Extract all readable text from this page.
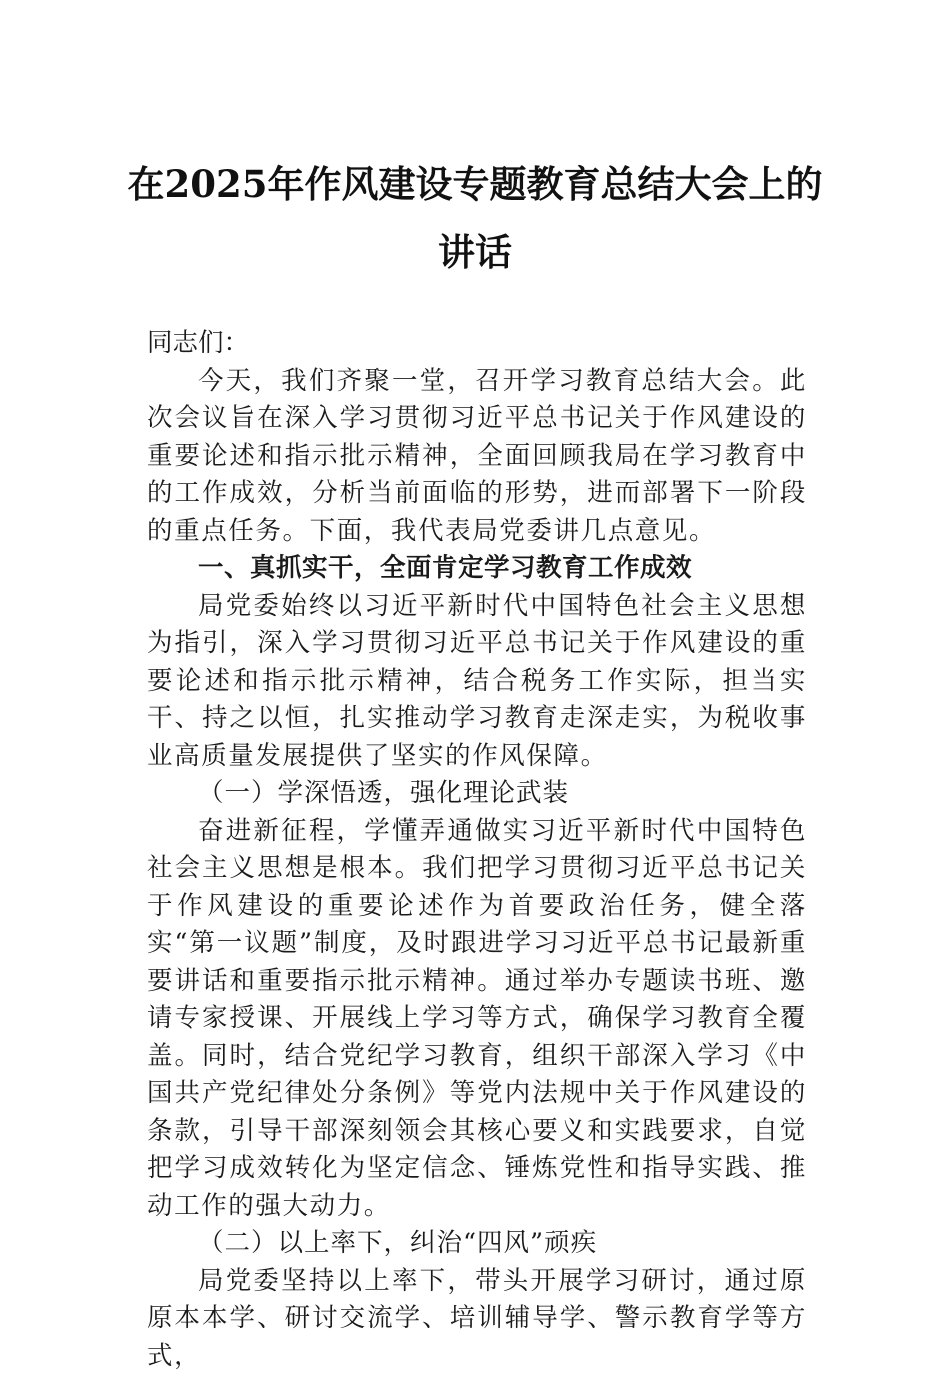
在2025年作风建设专题教育总结大会上的
讲话

同志们：

今天，我们齐聚一堂，召开学习教育总结大会。此次会议旨在深入学习贯彻习近平总书记关于作风建设的重要论述和指示批示精神，全面回顾我局在学习教育中的工作成效，分析当前面临的形势，进而部署下一阶段的重点任务。下面，我代表局党委讲几点意见。

一、真抓实干，全面肯定学习教育工作成效

局党委始终以习近平新时代中国特色社会主义思想为指引，深入学习贯彻习近平总书记关于作风建设的重要论述和指示批示精神，结合税务工作实际，担当实干、持之以恒，扎实推动学习教育走深走实，为税收事业高质量发展提供了坚实的作风保障。

（一）学深悟透，强化理论武装

奋进新征程，学懂弄通做实习近平新时代中国特色社会主义思想是根本。我们把学习贯彻习近平总书记关于作风建设的重要论述作为首要政治任务，健全落实“第一议题”制度，及时跟进学习习近平总书记最新重要讲话和重要指示批示精神。通过举办专题读书班、邀请专家授课、开展线上学习等方式，确保学习教育全覆盖。同时，结合党纪学习教育，组织干部深入学习《中国共产党纪律处分条例》等党内法规中关于作风建设的条款，引导干部深刻领会其核心要义和实践要求，自觉把学习成效转化为坚定信念、锤炼党性和指导实践、推动工作的强大动力。

（二）以上率下，纠治“四风”顽疾

局党委坚持以上率下，带头开展学习研讨，通过原原本本学、研讨交流学、培训辅导学、警示教育学等方式，
